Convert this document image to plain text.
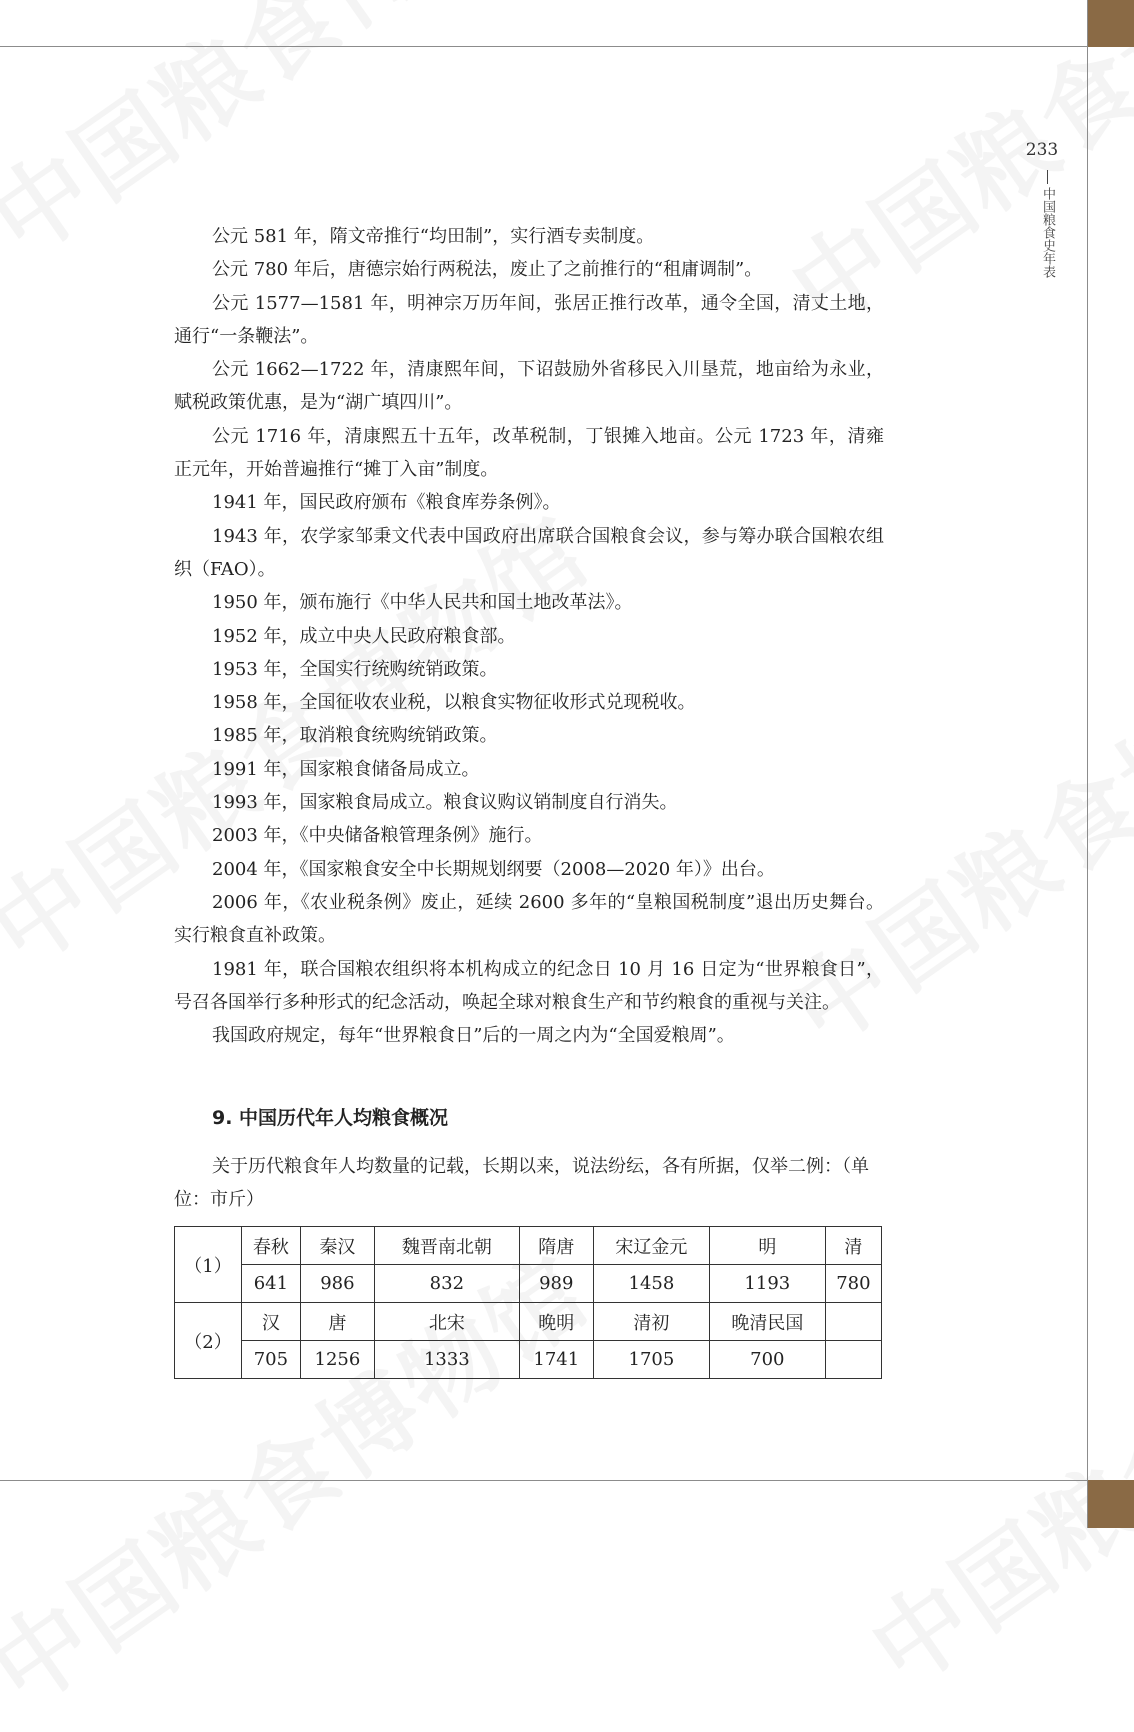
233
中国粮食史年表

公元 581 年，隋文帝推行“均田制”，实行酒专卖制度。

公元 780 年后，唐德宗始行两税法，废止了之前推行的“租庸调制”。

公元 1577—1581 年，明神宗万历年间，张居正推行改革，通令全国，清丈土地，通行“一条鞭法”。

公元 1662—1722 年，清康熙年间，下诏鼓励外省移民入川垦荒，地亩给为永业，赋税政策优惠，是为“湖广填四川”。

公元 1716 年，清康熙五十五年，改革税制，丁银摊入地亩。公元 1723 年，清雍正元年，开始普遍推行“摊丁入亩”制度。

1941 年，国民政府颁布《粮食库券条例》。

1943 年，农学家邹秉文代表中国政府出席联合国粮食会议，参与筹办联合国粮农组织（FAO）。

1950 年，颁布施行《中华人民共和国土地改革法》。

1952 年，成立中央人民政府粮食部。

1953 年，全国实行统购统销政策。

1958 年，全国征收农业税，以粮食实物征收形式兑现税收。

1985 年，取消粮食统购统销政策。

1991 年，国家粮食储备局成立。

1993 年，国家粮食局成立。粮食议购议销制度自行消失。

2003 年，《中央储备粮管理条例》施行。

2004 年，《国家粮食安全中长期规划纲要（2008—2020 年）》出台。

2006 年，《农业税条例》废止，延续 2600 多年的“皇粮国税制度”退出历史舞台。实行粮食直补政策。

1981 年，联合国粮农组织将本机构成立的纪念日 10 月 16 日定为“世界粮食日”，号召各国举行多种形式的纪念活动，唤起全球对粮食生产和节约粮食的重视与关注。

我国政府规定，每年“世界粮食日”后的一周之内为“全国爱粮周”。

9. 中国历代年人均粮食概况

关于历代粮食年人均数量的记载，长期以来，说法纷纭，各有所据，仅举二例：（单位：市斤）

（1）	春秋	秦汉	魏晋南北朝	隋唐	宋辽金元	明	清
	641	986	832	989	1458	1193	780
（2）	汉	唐	北宋	晚明	清初	晚清民国	
	705	1256	1333	1741	1705	700	
